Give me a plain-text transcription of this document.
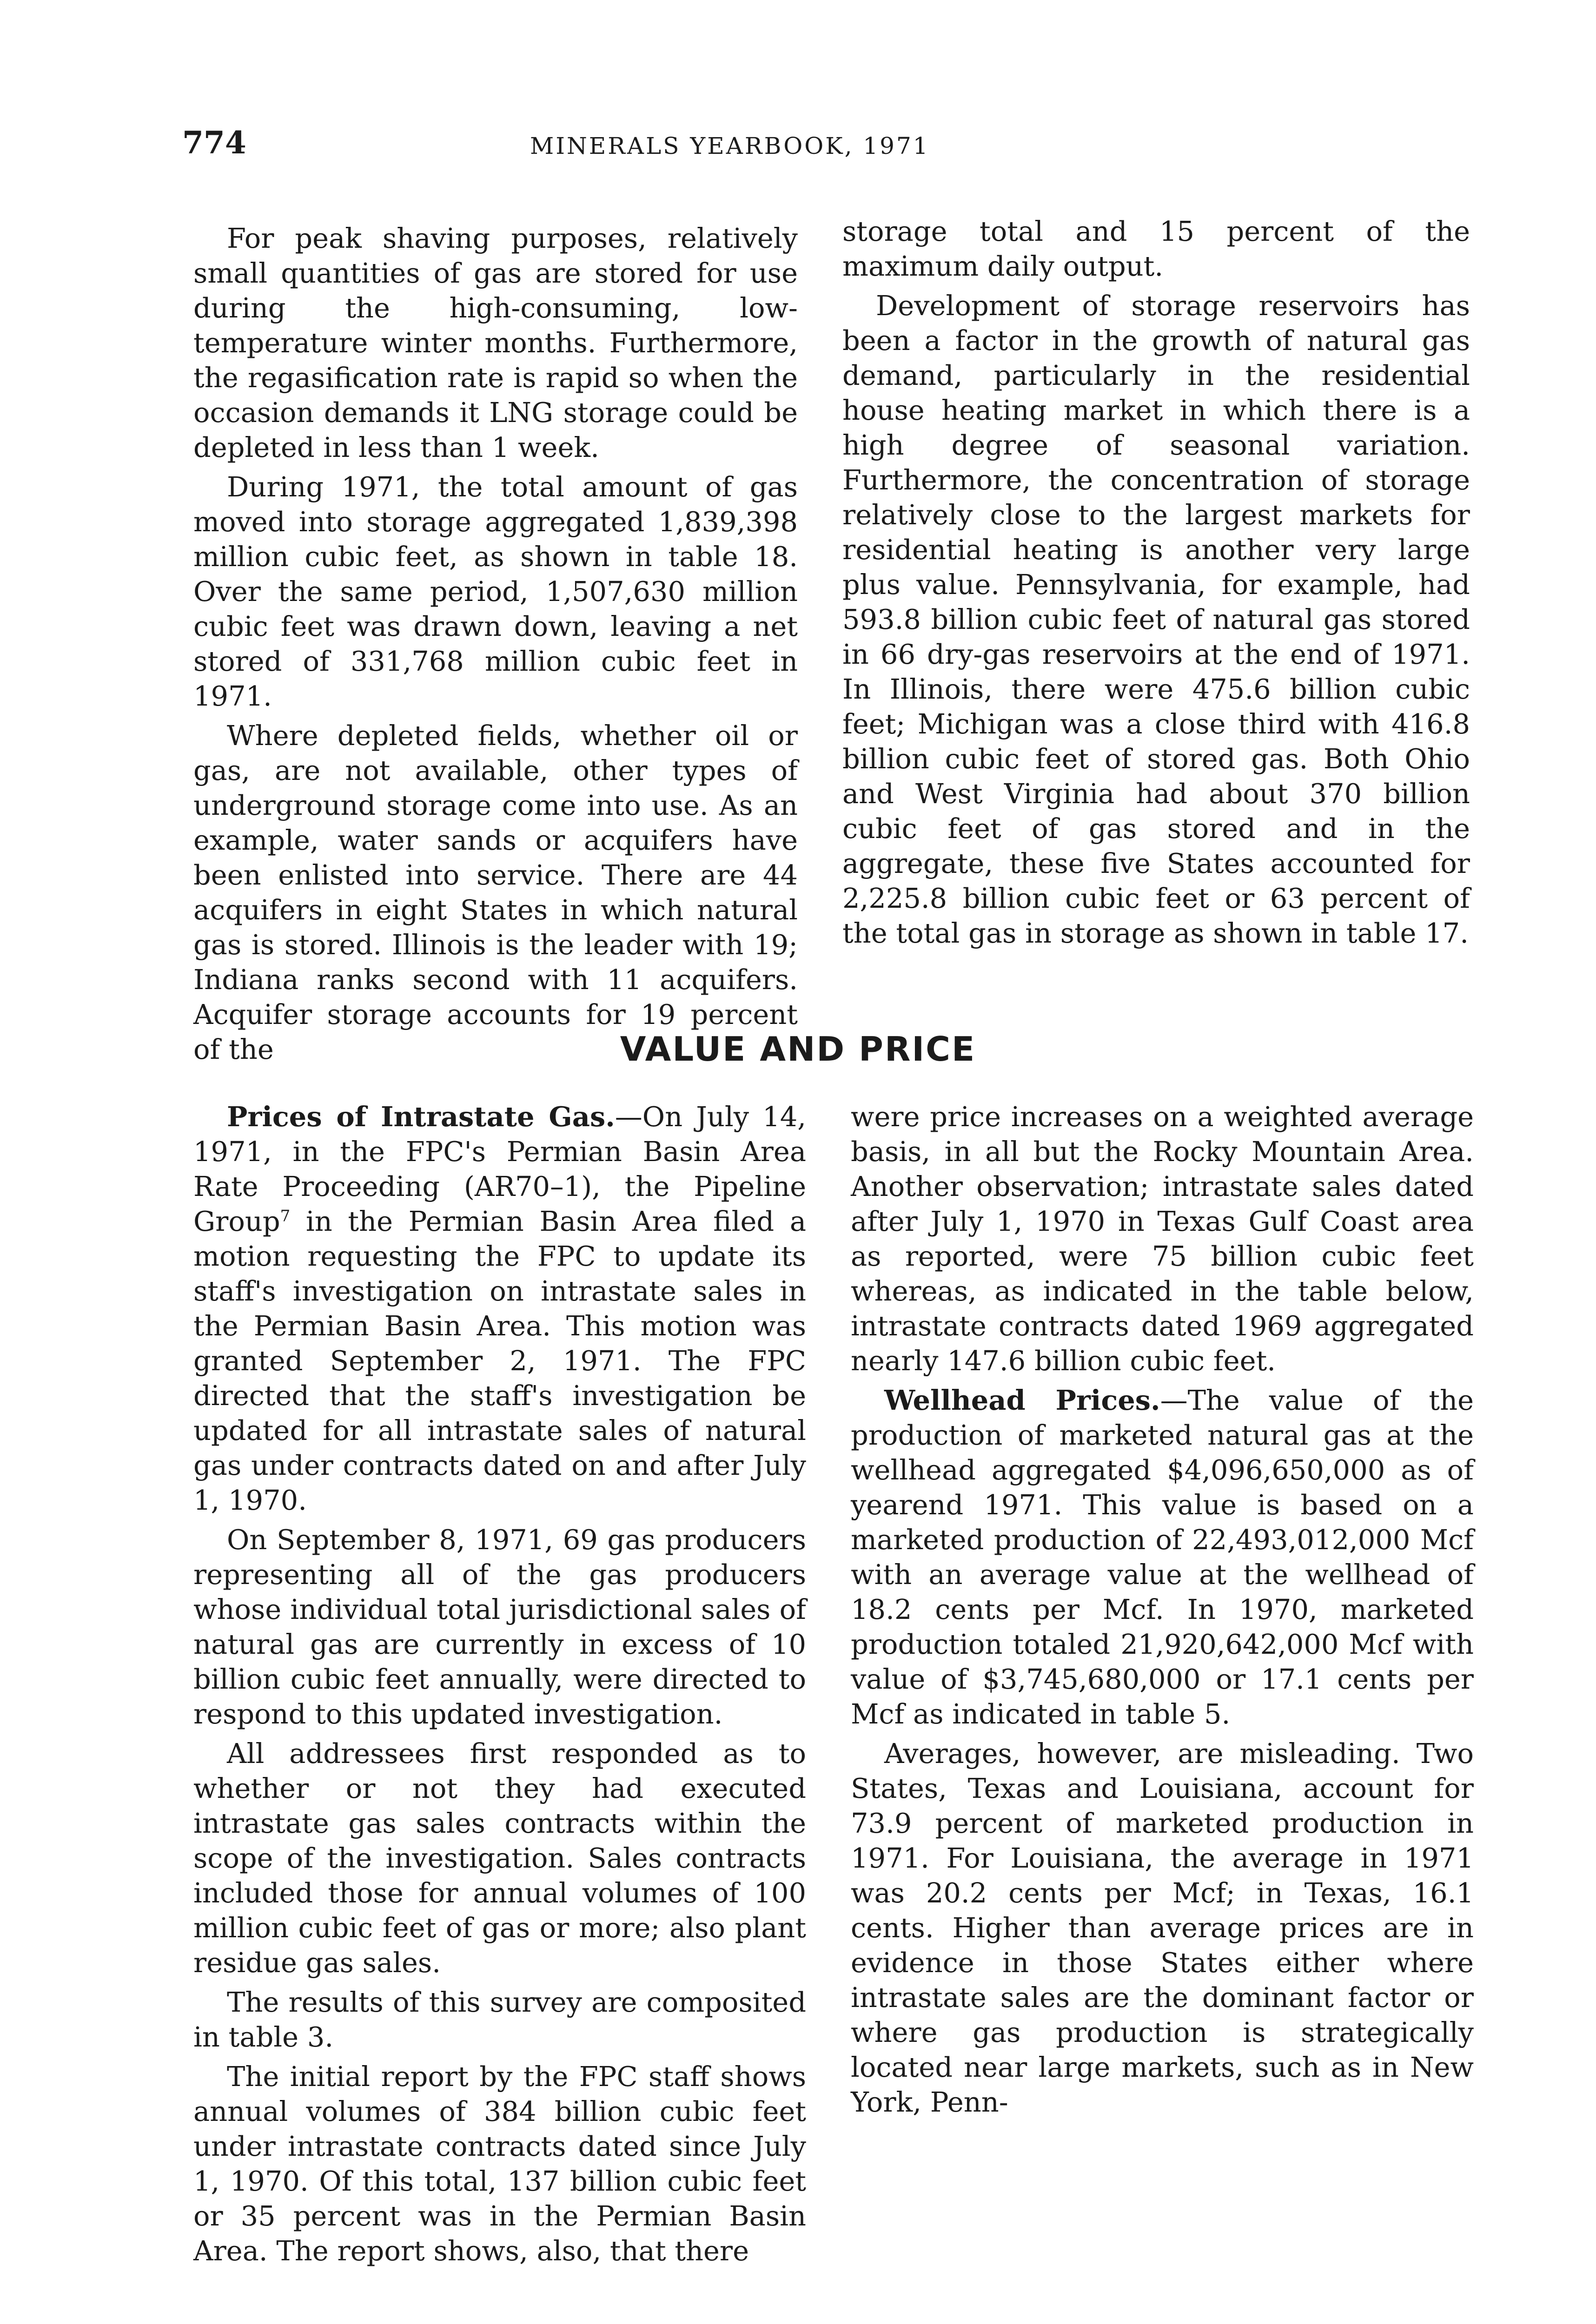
774	MINERALS YEARBOOK, 1971

For peak shaving purposes, relatively small quantities of gas are stored for use during the high-consuming, low-temperature winter months. Furthermore, the regasification rate is rapid so when the occasion demands it LNG storage could be depleted in less than 1 week.

During 1971, the total amount of gas moved into storage aggregated 1,839,398 million cubic feet, as shown in table 18. Over the same period, 1,507,630 million cubic feet was drawn down, leaving a net stored of 331,768 million cubic feet in 1971.

Where depleted fields, whether oil or gas, are not available, other types of underground storage come into use. As an example, water sands or acquifers have been enlisted into service. There are 44 acquifers in eight States in which natural gas is stored. Illinois is the leader with 19; Indiana ranks second with 11 acquifers. Acquifer storage accounts for 19 percent of the

storage total and 15 percent of the maximum daily output.

Development of storage reservoirs has been a factor in the growth of natural gas demand, particularly in the residential house heating market in which there is a high degree of seasonal variation. Furthermore, the concentration of storage relatively close to the largest markets for residential heating is another very large plus value. Pennsylvania, for example, had 593.8 billion cubic feet of natural gas stored in 66 dry-gas reservoirs at the end of 1971. In Illinois, there were 475.6 billion cubic feet; Michigan was a close third with 416.8 billion cubic feet of stored gas. Both Ohio and West Virginia had about 370 billion cubic feet of gas stored and in the aggregate, these five States accounted for 2,225.8 billion cubic feet or 63 percent of the total gas in storage as shown in table 17.

VALUE AND PRICE

Prices of Intrastate Gas.—On July 14, 1971, in the FPC's Permian Basin Area Rate Proceeding (AR70–1), the Pipeline Group$^7$ in the Permian Basin Area filed a motion requesting the FPC to update its staff's investigation on intrastate sales in the Permian Basin Area. This motion was granted September 2, 1971. The FPC directed that the staff's investigation be updated for all intrastate sales of natural gas under contracts dated on and after July 1, 1970.

On September 8, 1971, 69 gas producers representing all of the gas producers whose individual total jurisdictional sales of natural gas are currently in excess of 10 billion cubic feet annually, were directed to respond to this updated investigation.

All addressees first responded as to whether or not they had executed intrastate gas sales contracts within the scope of the investigation. Sales contracts included those for annual volumes of 100 million cubic feet of gas or more; also plant residue gas sales.

The results of this survey are composited in table 3.

The initial report by the FPC staff shows annual volumes of 384 billion cubic feet under intrastate contracts dated since July 1, 1970. Of this total, 137 billion cubic feet or 35 percent was in the Permian Basin Area. The report shows, also, that there

were price increases on a weighted average basis, in all but the Rocky Mountain Area. Another observation; intrastate sales dated after July 1, 1970 in Texas Gulf Coast area as reported, were 75 billion cubic feet whereas, as indicated in the table below, intrastate contracts dated 1969 aggregated nearly 147.6 billion cubic feet.

Wellhead Prices.—The value of the production of marketed natural gas at the wellhead aggregated $4,096,650,000 as of yearend 1971. This value is based on a marketed production of 22,493,012,000 Mcf with an average value at the wellhead of 18.2 cents per Mcf. In 1970, marketed production totaled 21,920,642,000 Mcf with value of $3,745,680,000 or 17.1 cents per Mcf as indicated in table 5.

Averages, however, are misleading. Two States, Texas and Louisiana, account for 73.9 percent of marketed production in 1971. For Louisiana, the average in 1971 was 20.2 cents per Mcf; in Texas, 16.1 cents. Higher than average prices are in evidence in those States either where intrastate sales are the dominant factor or where gas production is strategically located near large markets, such as in New York, Penn-
